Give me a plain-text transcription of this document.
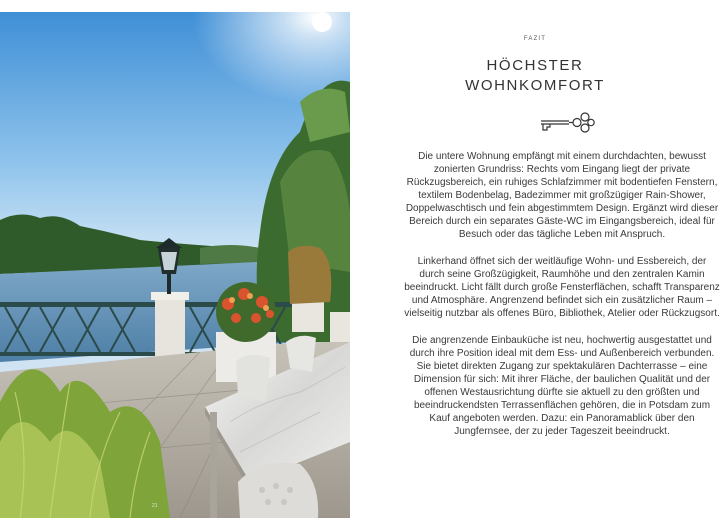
21
FAZIT
HÖCHSTER
WOHNKOMFORT

Die untere Wohnung empfängt mit einem durchdachten, bewusst zonierten Grundriss: Rechts vom Eingang liegt der private Rückzugsbereich, ein ruhiges Schlafzimmer mit bodentiefen Fenstern, textilem Bodenbelag, Badezimmer mit großzügiger Rain-Shower, Doppelwaschtisch und fein abgestimmtem Design. Ergänzt wird dieser Bereich durch ein separates Gäste-WC im Eingangsbereich, ideal für Besuch oder das tägliche Leben mit Anspruch.

Linkerhand öffnet sich der weitläufige Wohn- und Essbereich, der durch seine Großzügigkeit, Raumhöhe und den zentralen Kamin beeindruckt. Licht fällt durch große Fensterflächen, schafft Transparenz und Atmosphäre. Angrenzend befindet sich ein zusätzlicher Raum – vielseitig nutzbar als offenes Büro, Bibliothek, Atelier oder Rückzugsort.

Die angrenzende Einbauküche ist neu, hochwertig ausgestattet und durch ihre Position ideal mit dem Ess- und Außenbereich verbunden. Sie bietet direkten Zugang zur spektakulären Dachterrasse – eine Dimension für sich: Mit ihrer Fläche, der baulichen Qualität und der offenen Westausrichtung dürfte sie aktuell zu den größten und beeindruckendsten Terrassenflächen gehören, die in Potsdam zum Kauf angeboten werden. Dazu: ein Panoramablick über den Jungfernsee, der zu jeder Tageszeit beeindruckt.
